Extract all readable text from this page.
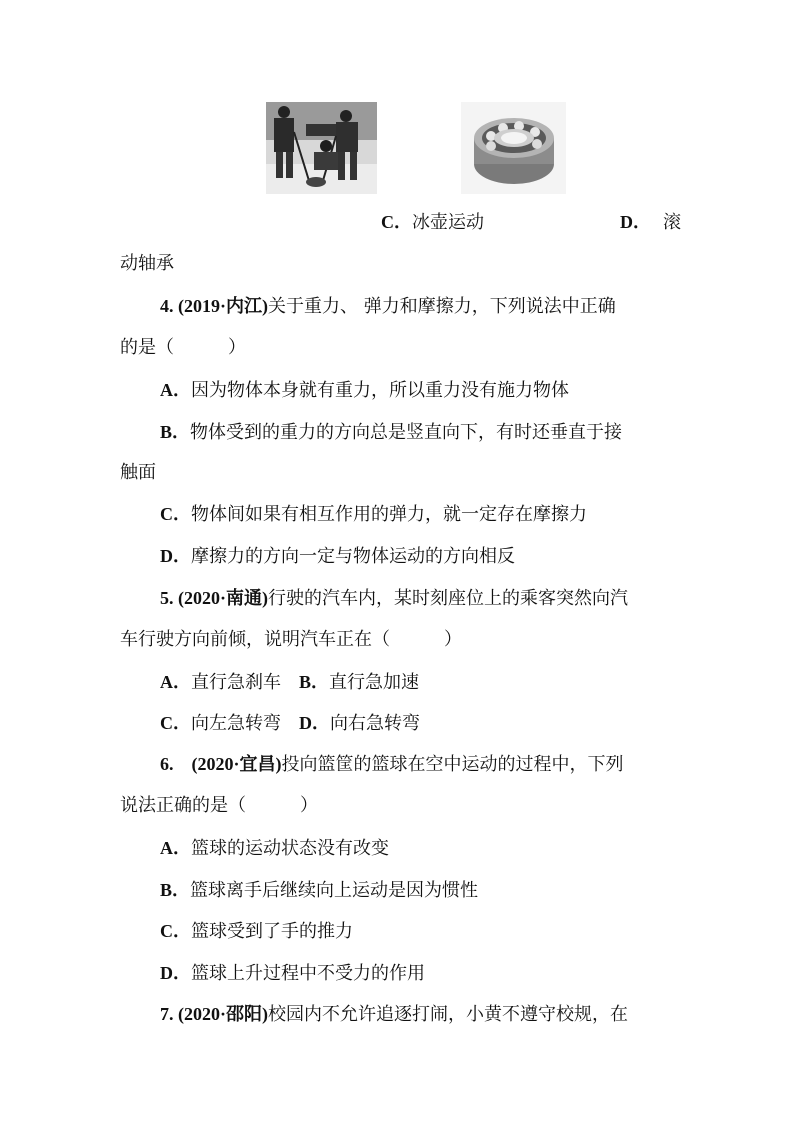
C．冰壶运动	D． 滚
动轴承
4. (2019·内江)关于重力、 弹力和摩擦力，下列说法中正确
的是（　　　）
A．因为物体本身就有重力，所以重力没有施力物体
B．物体受到的重力的方向总是竖直向下，有时还垂直于接
触面
C．物体间如果有相互作用的弹力，就一定存在摩擦力
D．摩擦力的方向一定与物体运动的方向相反
5. (2020·南通)行驶的汽车内，某时刻座位上的乘客突然向汽
车行驶方向前倾，说明汽车正在（　　　）
A．直行急刹车 B．直行急加速
C．向左急转弯 D．向右急转弯
6.　(2020·宜昌)投向篮筐的篮球在空中运动的过程中，下列
说法正确的是（　　　）
A．篮球的运动状态没有改变
B．篮球离手后继续向上运动是因为惯性
C．篮球受到了手的推力
D．篮球上升过程中不受力的作用
7. (2020·邵阳)校园内不允许追逐打闹，小黄不遵守校规，在
